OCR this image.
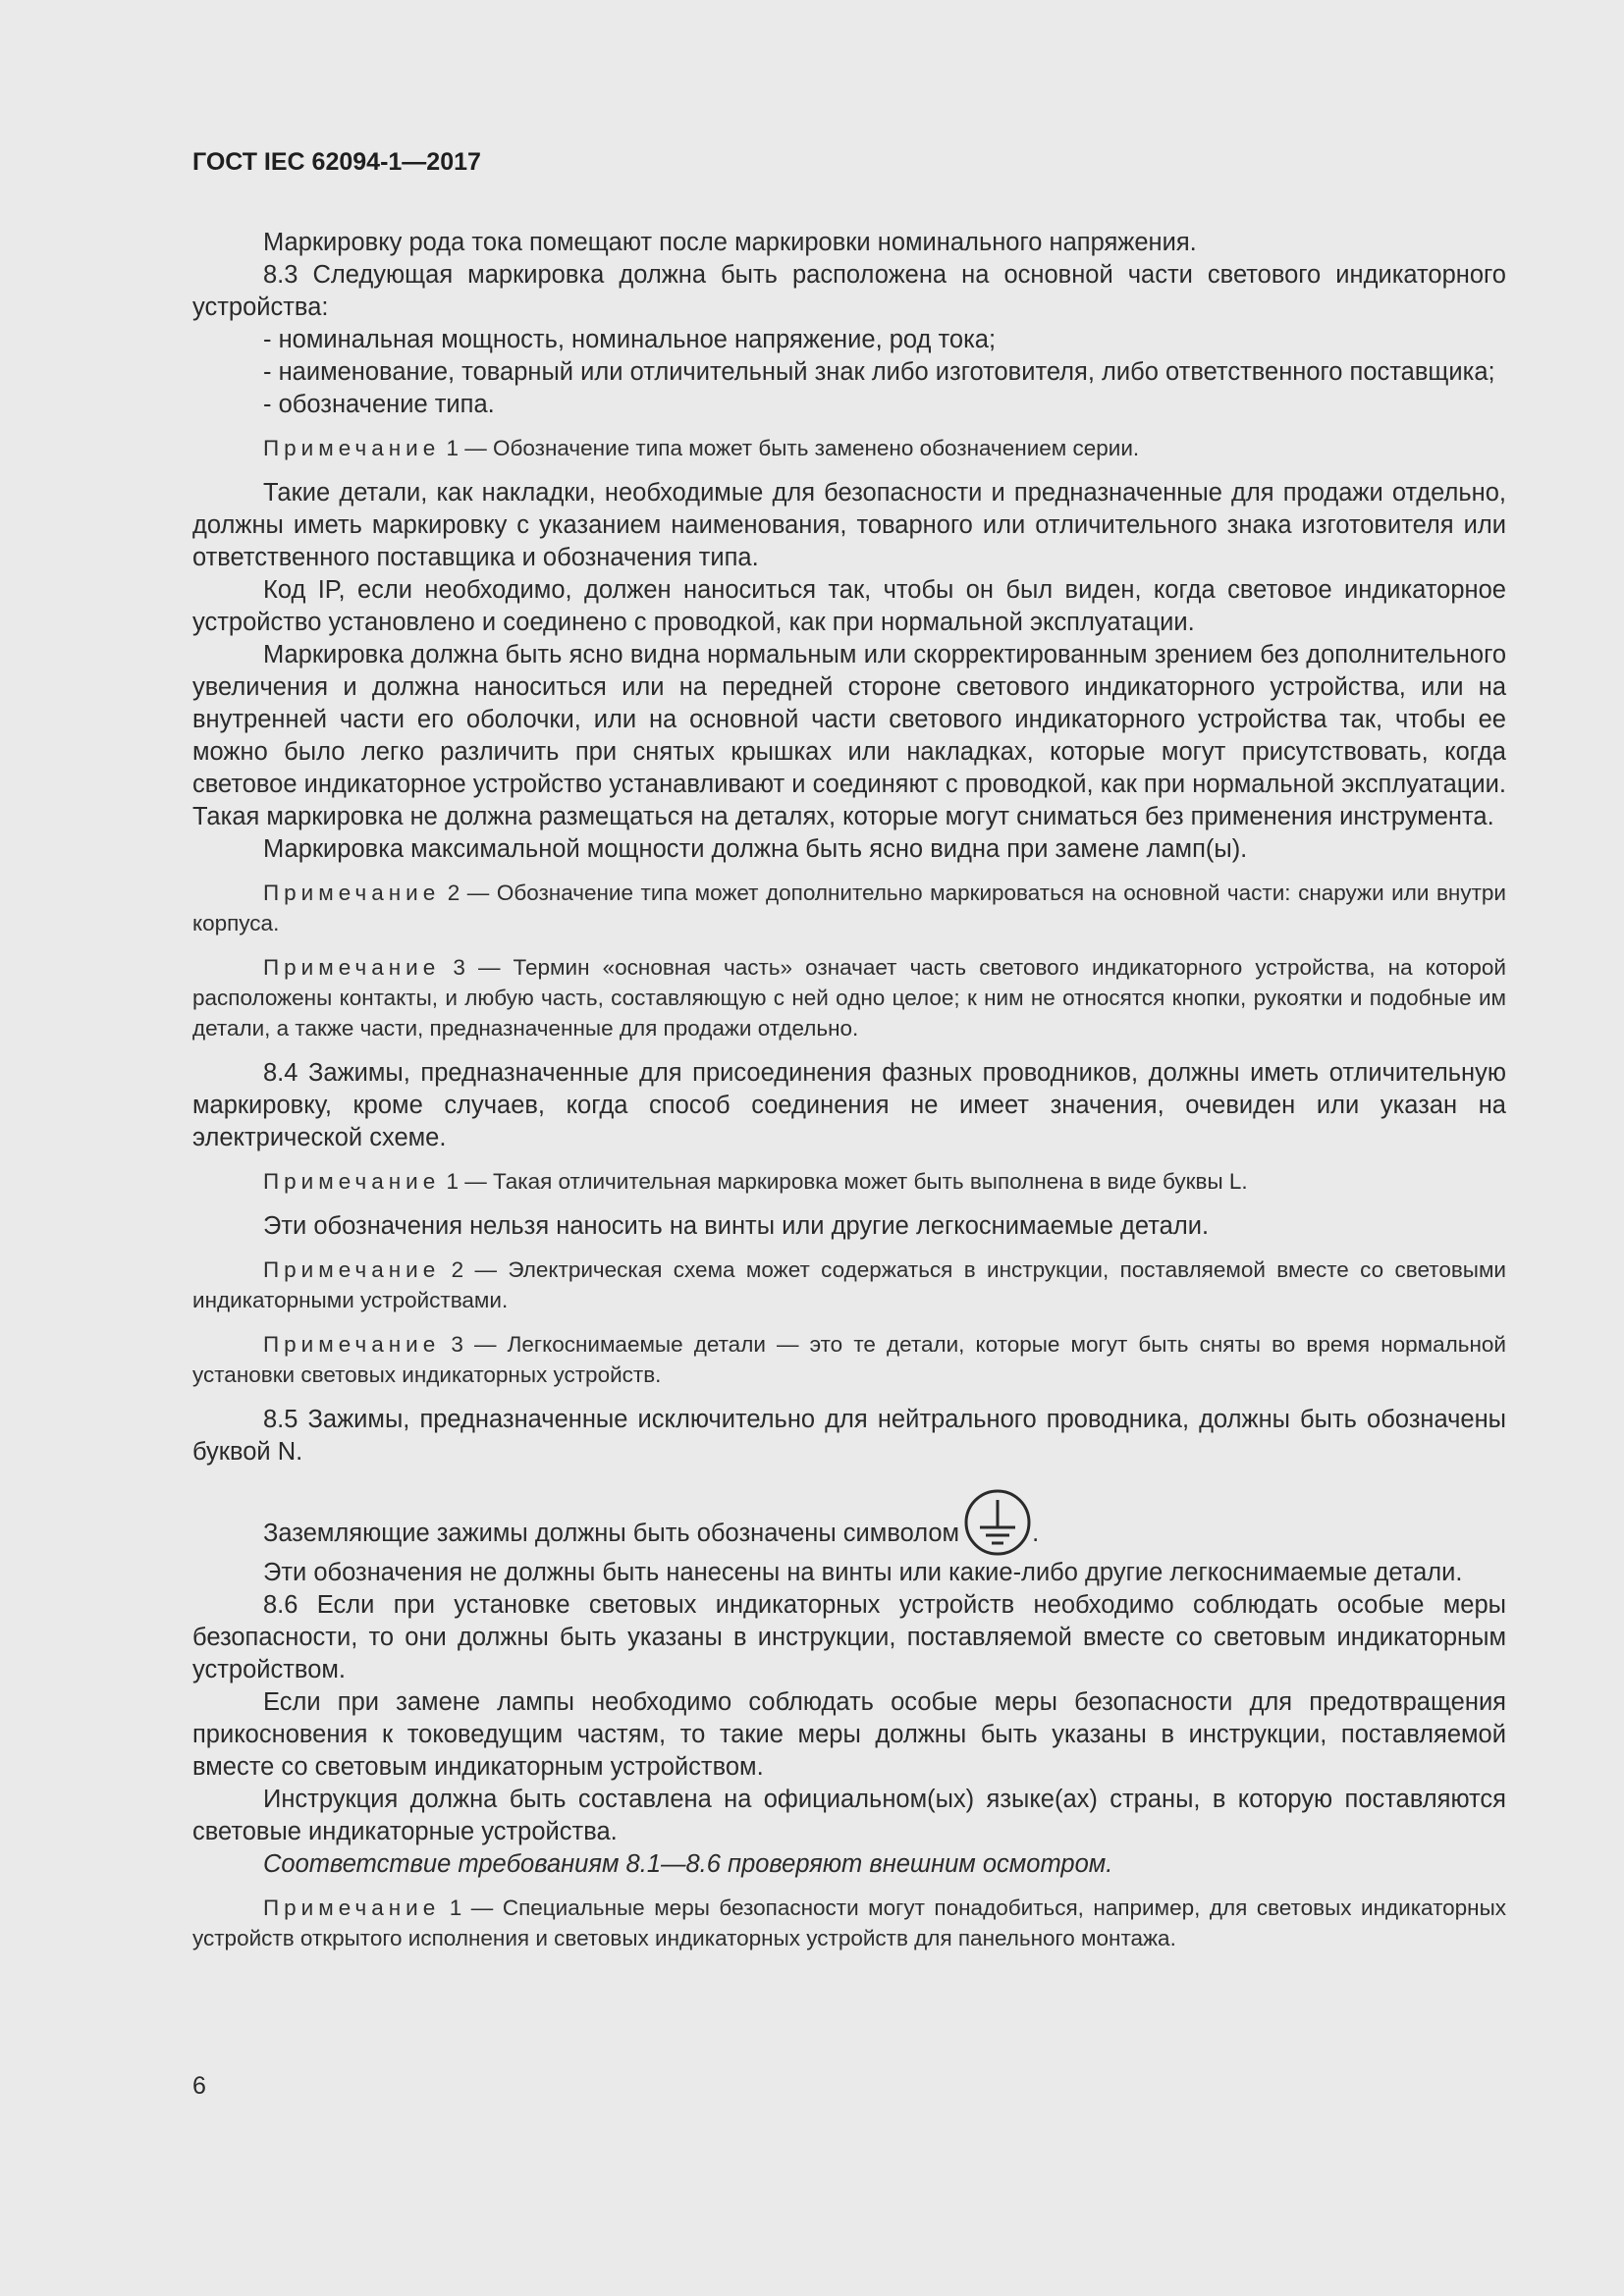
ГОСТ IEC 62094-1—2017

Маркировку рода тока помещают после маркировки номинального напряжения.

8.3 Следующая маркировка должна быть расположена на основной части светового индикаторного устройства:

- номинальная мощность, номинальное напряжение, род тока;

- наименование, товарный или отличительный знак либо изготовителя, либо ответственного поставщика;

- обозначение типа.

Примечание 1 — Обозначение типа может быть заменено обозначением серии.

Такие детали, как накладки, необходимые для безопасности и предназначенные для продажи отдельно, должны иметь маркировку с указанием наименования, товарного или отличительного знака изготовителя или ответственного поставщика и обозначения типа.

Код IP, если необходимо, должен наноситься так, чтобы он был виден, когда световое индикаторное устройство установлено и соединено с проводкой, как при нормальной эксплуатации.

Маркировка должна быть ясно видна нормальным или скорректированным зрением без дополнительного увеличения и должна наноситься или на передней стороне светового индикаторного устройства, или на внутренней части его оболочки, или на основной части светового индикаторного устройства так, чтобы ее можно было легко различить при снятых крышках или накладках, которые могут присутствовать, когда световое индикаторное устройство устанавливают и соединяют с проводкой, как при нормальной эксплуатации. Такая маркировка не должна размещаться на деталях, которые могут сниматься без применения инструмента.

Маркировка максимальной мощности должна быть ясно видна при замене ламп(ы).

Примечание 2 — Обозначение типа может дополнительно маркироваться на основной части: снаружи или внутри корпуса.

Примечание 3 — Термин «основная часть» означает часть светового индикаторного устройства, на которой расположены контакты, и любую часть, составляющую с ней одно целое; к ним не относятся кнопки, рукоятки и подобные им детали, а также части, предназначенные для продажи отдельно.

8.4 Зажимы, предназначенные для присоединения фазных проводников, должны иметь отличительную маркировку, кроме случаев, когда способ соединения не имеет значения, очевиден или указан на электрической схеме.

Примечание 1 — Такая отличительная маркировка может быть выполнена в виде буквы L.

Эти обозначения нельзя наносить на винты или другие легкоснимаемые детали.

Примечание 2 — Электрическая схема может содержаться в инструкции, поставляемой вместе со световыми индикаторными устройствами.

Примечание 3 — Легкоснимаемые детали — это те детали, которые могут быть сняты во время нормальной установки световых индикаторных устройств.

8.5 Зажимы, предназначенные исключительно для нейтрального проводника, должны быть обозначены буквой N.

Заземляющие зажимы должны быть обозначены символом	.

Эти обозначения не должны быть нанесены на винты или какие-либо другие легкоснимаемые детали.

8.6 Если при установке световых индикаторных устройств необходимо соблюдать особые меры безопасности, то они должны быть указаны в инструкции, поставляемой вместе со световым индикаторным устройством.

Если при замене лампы необходимо соблюдать особые меры безопасности для предотвращения прикосновения к токоведущим частям, то такие меры должны быть указаны в инструкции, поставляемой вместе со световым индикаторным устройством.

Инструкция должна быть составлена на официальном(ых) языке(ах) страны, в которую поставляются световые индикаторные устройства.

Соответствие требованиям 8.1—8.6 проверяют внешним осмотром.

Примечание 1 — Специальные меры безопасности могут понадобиться, например, для световых индикаторных устройств открытого исполнения и световых индикаторных устройств для панельного монтажа.

6
